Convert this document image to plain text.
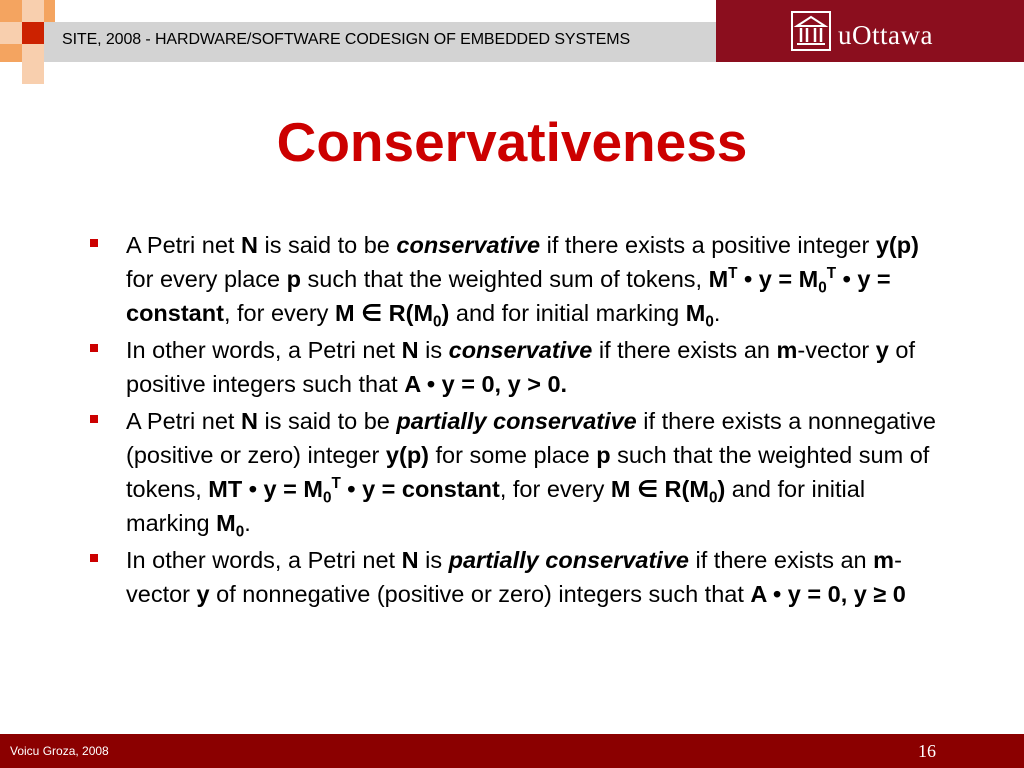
SITE, 2008 - HARDWARE/SOFTWARE CODESIGN OF EMBEDDED SYSTEMS	uOttawa
Conservativeness
A Petri net N is said to be conservative if there exists a positive integer y(p) for every place p such that the weighted sum of tokens, $M^T$ • $y = M_0^T$ • y = constant, for every M ∈ $R(M_0)$ and for initial marking $M_0$.
In other words, a Petri net N is conservative if there exists an m-vector y of positive integers such that A • y = 0, y > 0.
A Petri net N is said to be partially conservative if there exists a nonnegative (positive or zero) integer y(p) for some place p such that the weighted sum of tokens, MT • $y = M_0^T$ • y = constant, for every M ∈ $R(M_0)$ and for initial marking $M_0$.
In other words, a Petri net N is partially conservative if there exists an m-vector y of nonnegative (positive or zero) integers such that A • y = 0, y ≥ 0
Voicu Groza, 2008	16
